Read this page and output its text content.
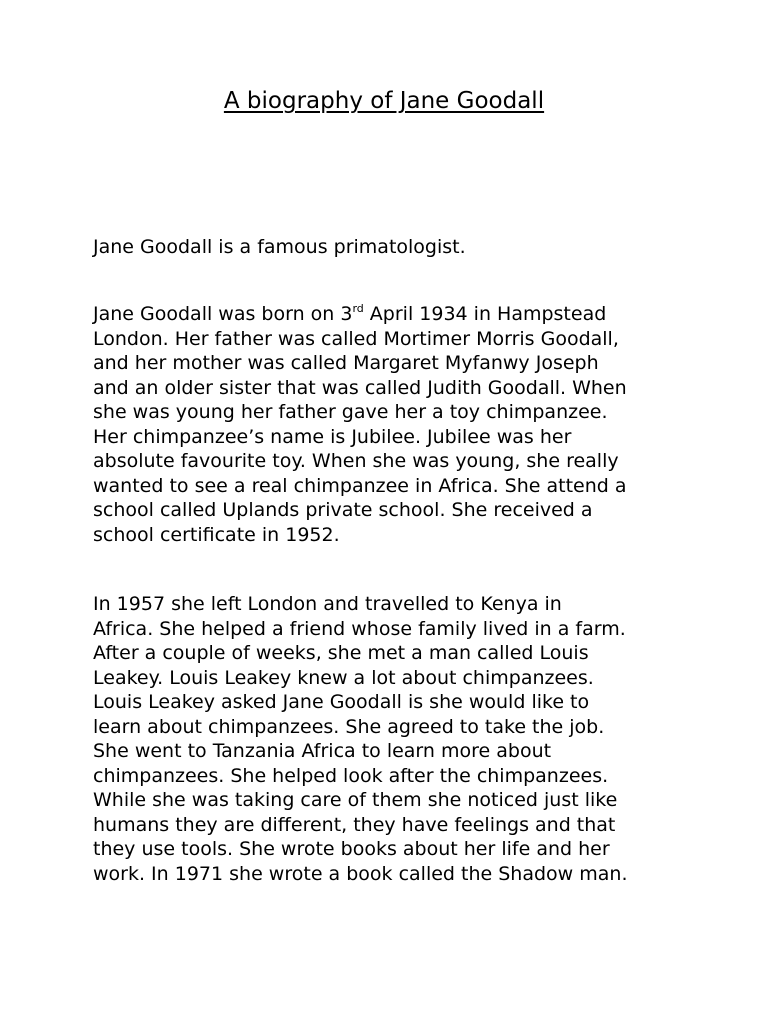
A biography of Jane Goodall

Jane Goodall is a famous primatologist.

Jane Goodall was born on 3rd April 1934 in Hampstead
London. Her father was called Mortimer Morris Goodall,
and her mother was called Margaret Myfanwy Joseph
and an older sister that was called Judith Goodall. When
she was young her father gave her a toy chimpanzee.
Her chimpanzee’s name is Jubilee. Jubilee was her
absolute favourite toy. When she was young, she really
wanted to see a real chimpanzee in Africa. She attend a
school called Uplands private school. She received a
school certificate in 1952.

In 1957 she left London and travelled to Kenya in
Africa. She helped a friend whose family lived in a farm.
After a couple of weeks, she met a man called Louis
Leakey. Louis Leakey knew a lot about chimpanzees.
Louis Leakey asked Jane Goodall is she would like to
learn about chimpanzees. She agreed to take the job.
She went to Tanzania Africa to learn more about
chimpanzees. She helped look after the chimpanzees.
While she was taking care of them she noticed just like
humans they are different, they have feelings and that
they use tools. She wrote books about her life and her
work. In 1971 she wrote a book called the Shadow man.
